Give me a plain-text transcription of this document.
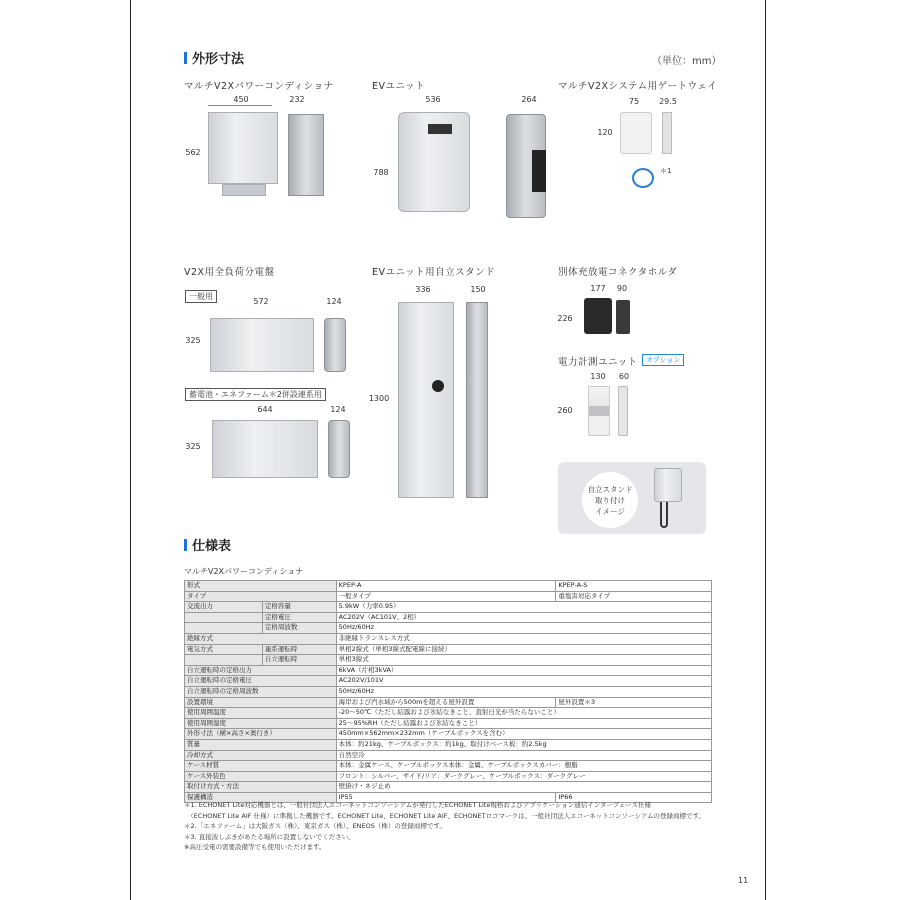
外形寸法	（単位：mm）
マルチV2Xパワーコンディショナ
450	232
562
EVユニット
536	264
788
マルチV2Xシステム用ゲートウェイ
75	29.5
120
＊1
V2X用全負荷分電盤
一般用
572	124
325
蓄電池・エネファーム＊2併設連系用
644	124
325
EVユニット用自立スタンド
336	150
1300
別体充放電コネクタホルダ
177	90
226
電力計測ユニット	オプション
130	60
260
自立スタンド
取り付け
イメージ
仕様表
マルチV2Xパワーコンディショナ
形式		KPEP-A	KPEP-A-S
タイプ		一般タイプ	重塩害対応タイプ
交流出力	定格容量	5.9kW（力率0.95）	
	定格電圧	AC202V（AC101V、2相）	
	定格周波数	50Hz/60Hz	
絶縁方式		非絶縁トランスレス方式	
電気方式	連系運転時	単相2線式（単相3線式配電線に接続）	
	自立運転時	単相3線式	
自立運転時の定格出力		6kVA（片相3kVA）	
自立運転時の定格電圧		AC202V/101V	
自立運転時の定格周波数		50Hz/60Hz	
設置環境		海岸および汽水域から500mを超える屋外設置	屋外設置＊3
使用周囲温度		-20～50℃（ただし結露および氷結なきこと、直射日光が当たらないこと）	
使用周囲湿度		25～95%RH（ただし結露および氷結なきこと）	
外形寸法（横×高さ×奥行き）		450mm×562mm×232mm（ケーブルボックスを含む）	
質量		本体：約21kg、ケーブルボックス：約1kg、取付けベース板：約2.5kg	
冷却方式		自然空冷	
ケース材質		本体：金属ケース、ケーブルボックス本体：金属、ケーブルボックスカバー：樹脂	
ケース外装色		フロント：シルバー、サイド/リア：ダークグレー、ケーブルボックス：ダークグレー	
取付け方式・方法		壁掛け・ネジ止め	
保護構造		IP55	IP66
＊1. ECHONET Lite対応機器とは、一般社団法人エコーネットコンソーシアムが発行したECHONET Lite規格およびアプリケーション通信インターフェース仕様
　（ECHONET Lite AIF 仕様）に準拠した機器です。ECHONET Lite、ECHONET Lite AIF、ECHONETロゴマークは、一般社団法人エコーネットコンソーシアムの登録商標です。
＊2.「エネファーム」は大阪ガス（株）、東京ガス（株）、ENEOS（株）の登録商標です。
＊3. 直接波しぶきがあたる場所に設置しないでください。
※高圧受電の需要設備等でも使用いただけます。
11
